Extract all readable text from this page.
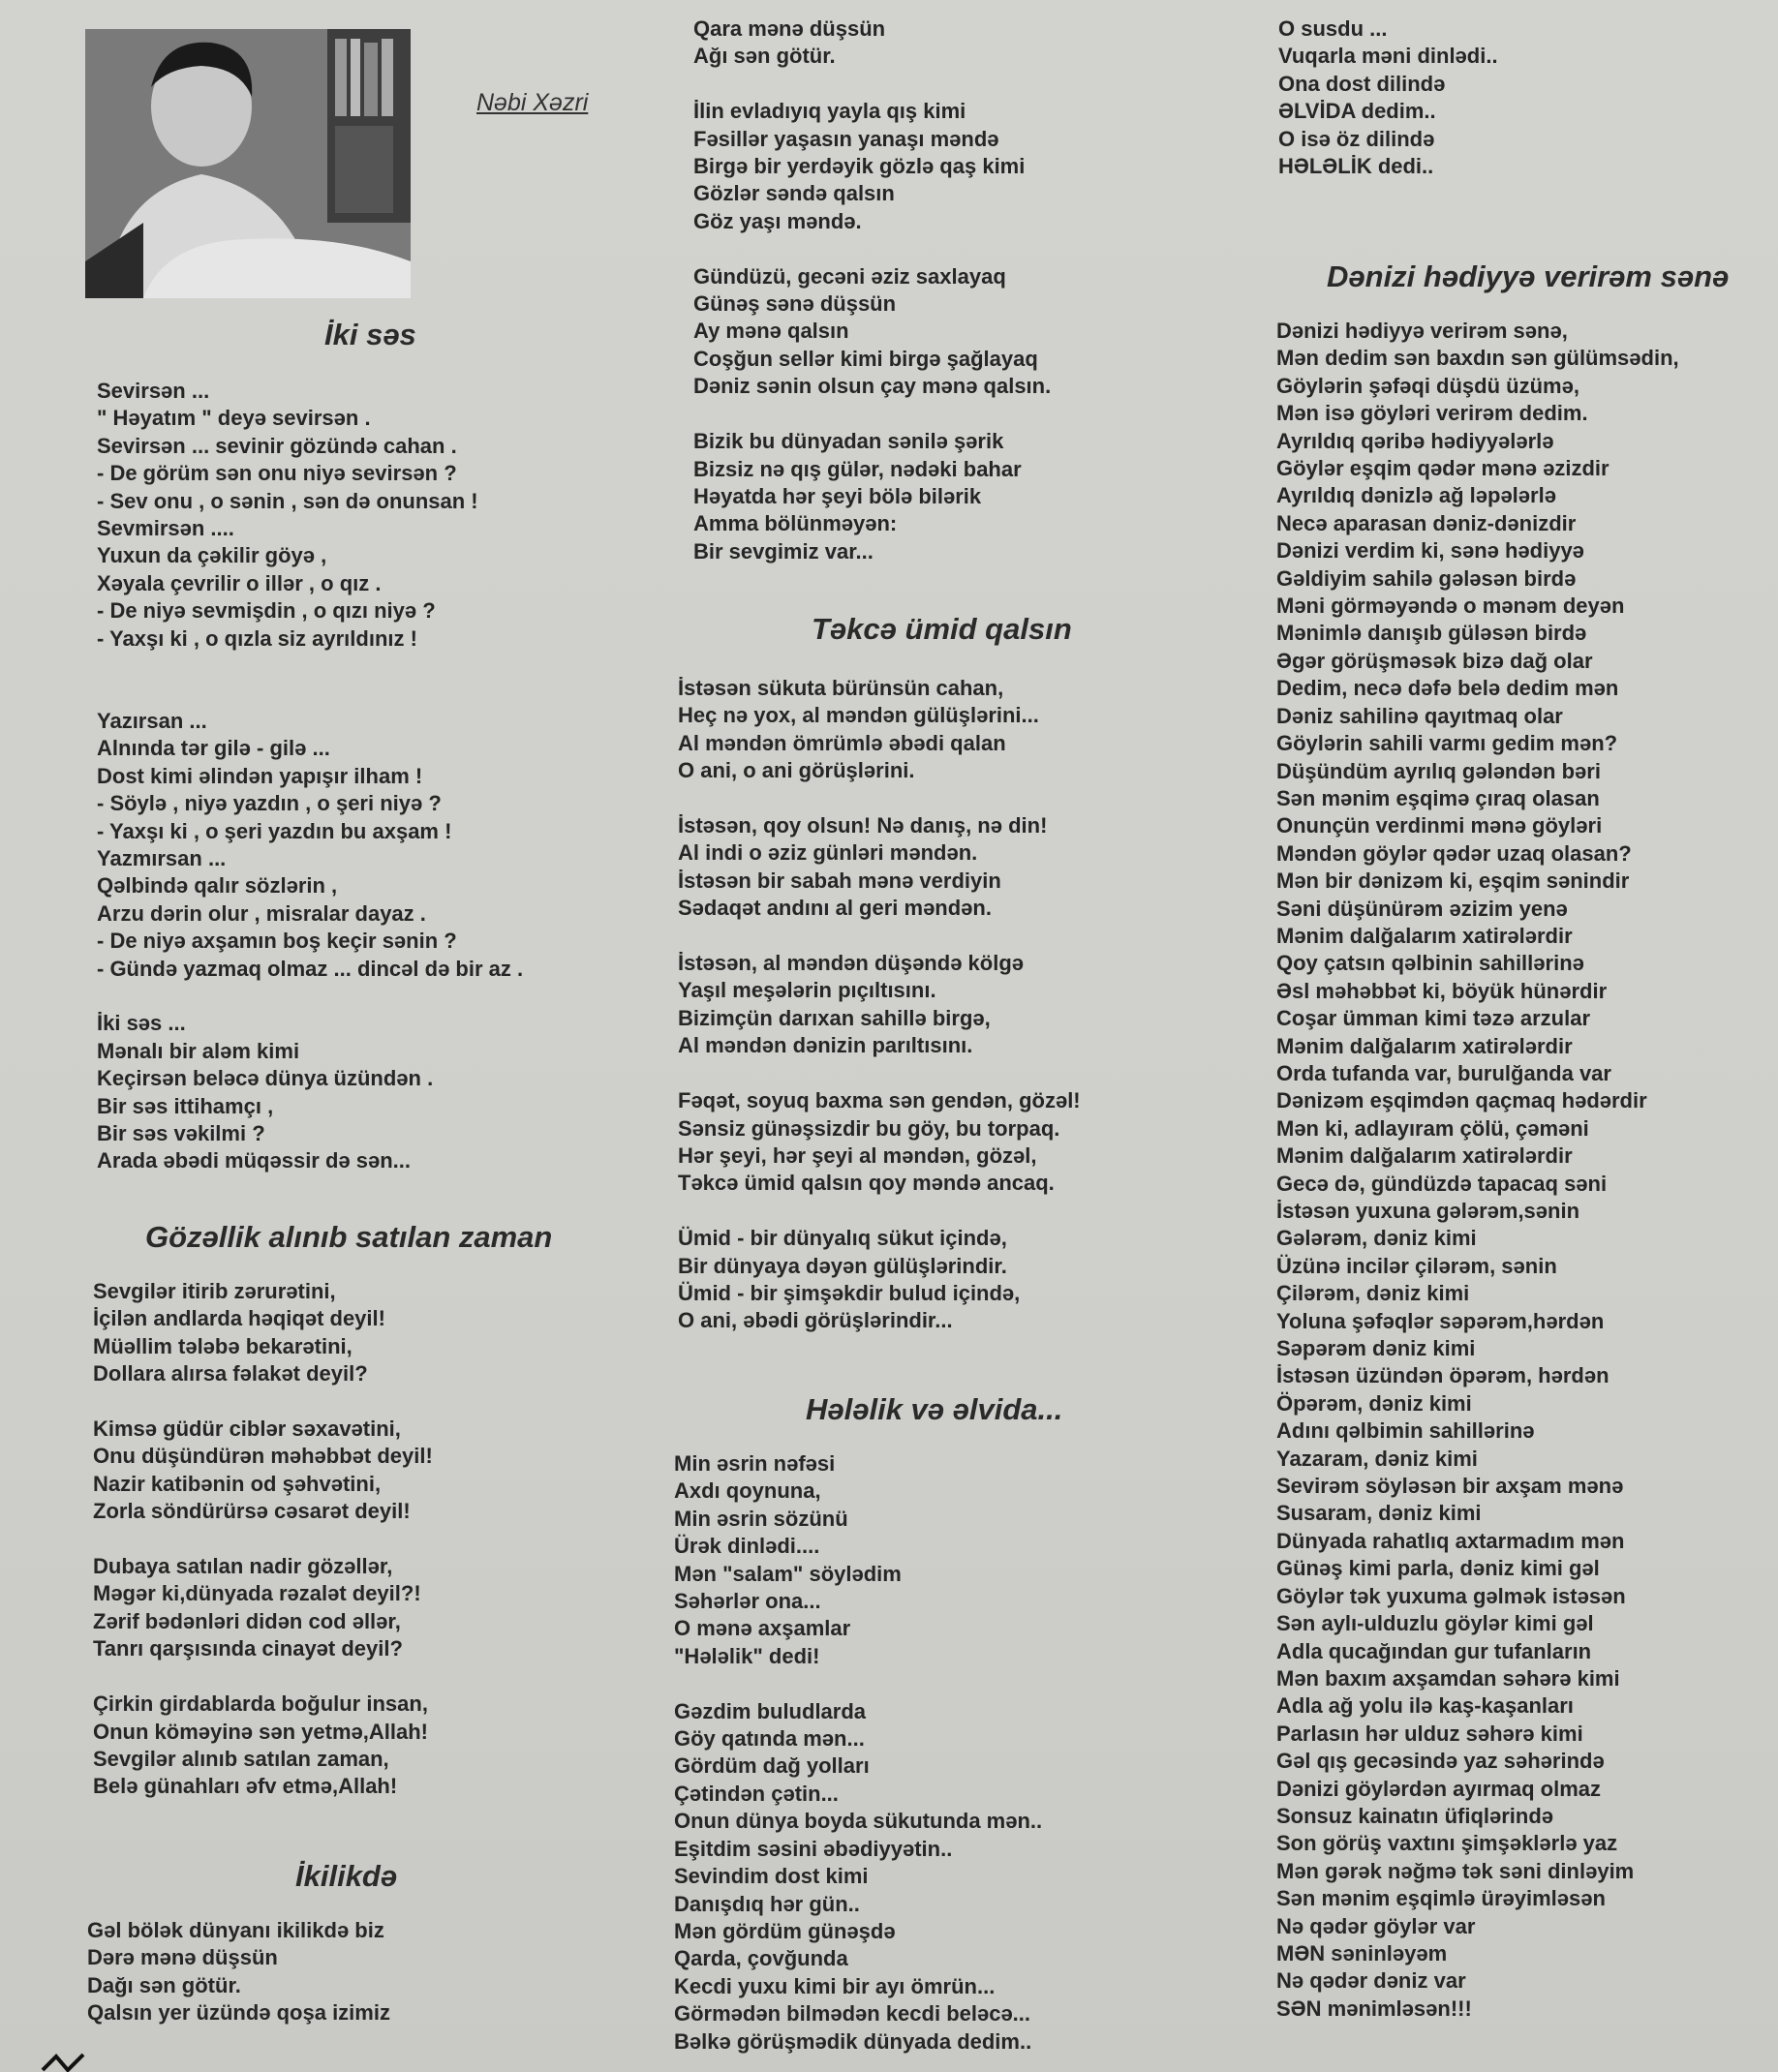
Nəbi Xəzri
İki səs
Sevirsən ...
" Həyatım " deyə sevirsən .
Sevirsən ... sevinir gözündə cahan .
- De görüm sən onu niyə sevirsən ?
- Sev onu , o sənin , sən də onunsan !
Sevmirsən ....
Yuxun da çəkilir göyə ,
Xəyala çevrilir o illər , o qız .
- De niyə sevmişdin , o qızı niyə ?
- Yaxşı ki , o qızla siz ayrıldınız !

Yazırsan ...
Alnında tər gilə - gilə ...
Dost kimi əlindən yapışır ilham !
- Söylə , niyə yazdın , o şeri niyə ?
- Yaxşı ki , o şeri yazdın bu axşam !
Yazmırsan ...
Qəlbində qalır sözlərin ,
Arzu dərin olur , misralar dayaz .
- De niyə axşamın boş keçir sənin ?
- Gündə yazmaq olmaz ... dincəl də bir az .

İki səs ...
Mənalı bir aləm kimi
Keçirsən beləcə dünya üzündən .
Bir səs ittihamçı ,
Bir səs vəkilmi ?
Arada əbədi müqəssir də sən...
Gözəllik alınıb satılan zaman
Sevgilər itirib zərurətini,
İçilən andlarda həqiqət deyil!
Müəllim tələbə bekarətini,
Dollara alırsa fəlakət deyil?

Kimsə güdür ciblər səxavətini,
Onu düşündürən məhəbbət deyil!
Nazir katibənin od şəhvətini,
Zorla söndürürsə cəsarət deyil!

Dubaya satılan nadir gözəllər,
Məgər ki,dünyada rəzalət deyil?!
Zərif bədənləri didən cod əllər,
Tanrı qarşısında cinayət deyil?

Çirkin girdablarda boğulur insan,
Onun köməyinə sən yetmə,Allah!
Sevgilər alınıb satılan zaman,
Belə günahları əfv etmə,Allah!
İkilikdə
Gəl bölək dünyanı ikilikdə biz
Dərə mənə düşsün
Dağı sən götür.
Qalsın yer üzündə qoşa izimiz
Qara mənə düşsün
Ağı sən götür.

İlin evladıyıq yayla qış kimi
Fəsillər yaşasın yanaşı məndə
Birgə bir yerdəyik gözlə qaş kimi
Gözlər səndə qalsın
Göz yaşı məndə.

Gündüzü, gecəni əziz saxlayaq
Günəş sənə düşsün
Ay mənə qalsın
Coşğun sellər kimi birgə şağlayaq
Dəniz sənin olsun çay mənə qalsın.

Bizik bu dünyadan sənilə şərik
Bizsiz nə qış gülər, nədəki bahar
Həyatda hər şeyi bölə bilərik
Amma bölünməyən:
Bir sevgimiz var...
Təkcə ümid qalsın
İstəsən sükuta bürünsün cahan,
Heç nə yox, al məndən gülüşlərini...
Al məndən ömrümlə əbədi qalan
O ani, o ani görüşlərini.

İstəsən, qoy olsun! Nə danış, nə din!
Al indi o əziz günləri məndən.
İstəsən bir sabah mənə verdiyin
Sədaqət andını al geri məndən.

İstəsən, al məndən düşəndə kölgə
Yaşıl meşələrin pıçıltısını.
Bizimçün darıxan sahillə birgə,
Al məndən dənizin parıltısını.

Fəqət, soyuq baxma sən gendən, gözəl!
Sənsiz günəşsizdir bu göy, bu torpaq.
Hər şeyi, hər şeyi al məndən, gözəl,
Təkcə ümid qalsın qoy məndə ancaq.

Ümid - bir dünyalıq sükut içində,
Bir dünyaya dəyən gülüşlərindir.
Ümid - bir şimşəkdir bulud içində,
O ani, əbədi görüşlərindir...
Hələlik və əlvida...
Min əsrin nəfəsi
Axdı qoynuna,
Min əsrin sözünü
Ürək dinlədi....
Mən "salam" söylədim
Səhərlər ona...
O mənə axşamlar
"Hələlik" dedi!

Gəzdim buludlarda
Göy qatında mən...
Gördüm dağ yolları
Çətindən çətin...
Onun dünya boyda sükutunda mən..
Eşitdim səsini əbədiyyətin..
Sevindim dost kimi
Danışdıq hər gün..
Mən gördüm günəşdə
Qarda, çovğunda
Kecdi yuxu kimi bir ayı ömrün...
Görmədən bilmədən kecdi beləcə...
Bəlkə görüşmədik dünyada dedim..
O susdu ...
Vuqarla məni dinlədi..
Ona dost dilində
ƏLVİDA dedim..
O isə öz dilində
HƏLƏLİK dedi..
Dənizi hədiyyə verirəm sənə
Dənizi hədiyyə verirəm sənə,
Mən dedim sən baxdın sən gülümsədin,
Göylərin şəfəqi düşdü üzümə,
Mən isə göyləri verirəm dedim.
Ayrıldıq qəribə hədiyyələrlə
Göylər eşqim qədər mənə əzizdir
Ayrıldıq dənizlə ağ ləpələrlə
Necə aparasan dəniz-dənizdir
Dənizi verdim ki, sənə hədiyyə
Gəldiyim sahilə gələsən birdə
Məni görməyəndə o mənəm deyən
Mənimlə danışıb güləsən birdə
Əgər görüşməsək bizə dağ olar
Dedim, necə dəfə belə dedim mən
Dəniz sahilinə qayıtmaq olar
Göylərin sahili varmı gedim mən?
Düşündüm ayrılıq gələndən bəri
Sən mənim eşqimə çıraq olasan
Onunçün verdinmi mənə göyləri
Məndən göylər qədər uzaq olasan?
Mən bir dənizəm ki, eşqim sənindir
Səni düşünürəm əzizim yenə
Mənim dalğalarım xatirələrdir
Qoy çatsın qəlbinin sahillərinə
Əsl məhəbbət ki, böyük hünərdir
Coşar ümman kimi təzə arzular
Mənim dalğalarım xatirələrdir
Orda tufanda var, burulğanda var
Dənizəm eşqimdən qaçmaq hədərdir
Mən ki, adlayıram çölü, çəməni
Mənim dalğalarım xatirələrdir
Gecə də, gündüzdə tapacaq səni
İstəsən yuxuna gələrəm,sənin
Gələrəm, dəniz kimi
Üzünə incilər çilərəm, sənin
Çilərəm, dəniz kimi
Yoluna şəfəqlər səpərəm,hərdən
Səpərəm dəniz kimi
İstəsən üzündən öpərəm, hərdən
Öpərəm, dəniz kimi
Adını qəlbimin sahillərinə
Yazaram, dəniz kimi
Sevirəm söyləsən bir axşam mənə
Susaram, dəniz kimi
Dünyada rahatlıq axtarmadım mən
Günəş kimi parla, dəniz kimi gəl
Göylər tək yuxuma gəlmək istəsən
Sən aylı-ulduzlu göylər kimi gəl
Adla qucağından gur tufanların
Mən baxım axşamdan səhərə kimi
Adla ağ yolu ilə kaş-kaşanları
Parlasın hər ulduz səhərə kimi
Gəl qış gecəsində yaz səhərində
Dənizi göylərdən ayırmaq olmaz
Sonsuz kainatın üfiqlərində
Son görüş vaxtını şimşəklərlə yaz
Mən gərək nəğmə tək səni dinləyim
Sən mənim eşqimlə ürəyimləsən
Nə qədər göylər var
MƏN səninləyəm
Nə qədər dəniz var
SƏN mənimləsən!!!
